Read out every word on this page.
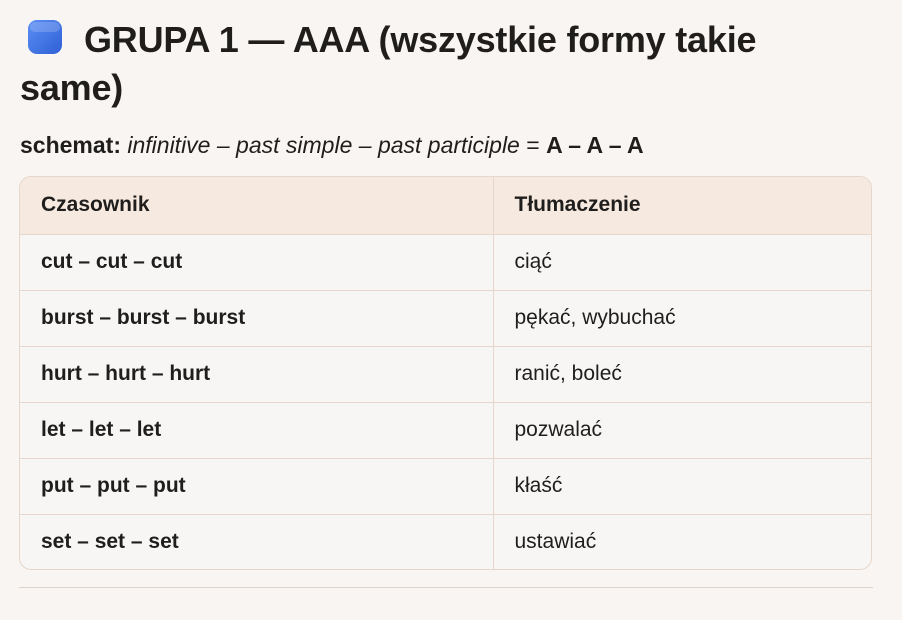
GRUPA 1 — AAA (wszystkie formy takie same)
schemat: infinitive – past simple – past participle = A – A – A
Czasownik	Tłumaczenie
cut – cut – cut	ciąć
burst – burst – burst	pękać, wybuchać
hurt – hurt – hurt	ranić, boleć
let – let – let	pozwalać
put – put – put	kłaść
set – set – set	ustawiać
